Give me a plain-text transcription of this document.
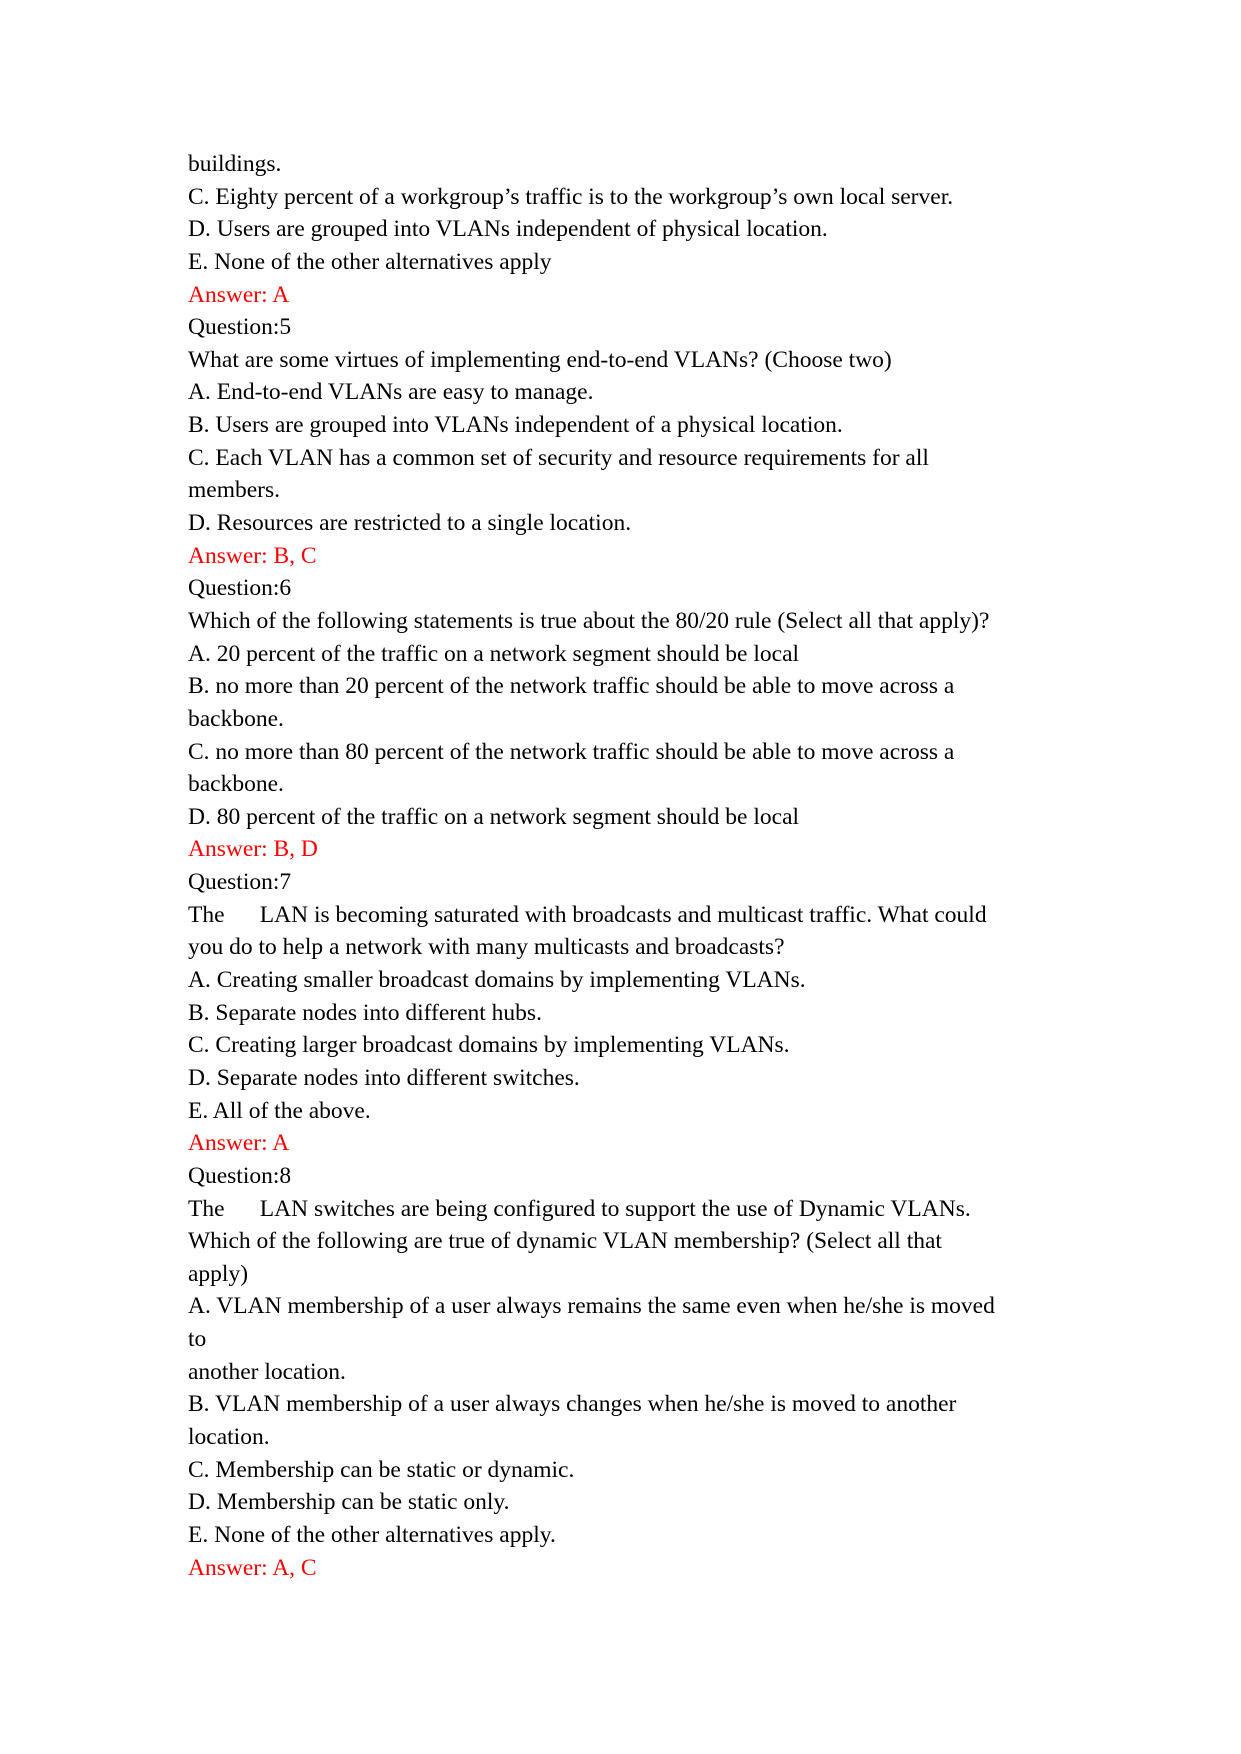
buildings.
C. Eighty percent of a workgroup’s traffic is to the workgroup’s own local server.
D. Users are grouped into VLANs independent of physical location.
E. None of the other alternatives apply
Answer: A
Question:5
What are some virtues of implementing end-to-end VLANs? (Choose two)
A. End-to-end VLANs are easy to manage.
B. Users are grouped into VLANs independent of a physical location.
C. Each VLAN has a common set of security and resource requirements for all
members.
D. Resources are restricted to a single location.
Answer: B, C
Question:6
Which of the following statements is true about the 80/20 rule (Select all that apply)?
A. 20 percent of the traffic on a network segment should be local
B. no more than 20 percent of the network traffic should be able to move across a
backbone.
C. no more than 80 percent of the network traffic should be able to move across a
backbone.
D. 80 percent of the traffic on a network segment should be local
Answer: B, D
Question:7
The      LAN is becoming saturated with broadcasts and multicast traffic. What could
you do to help a network with many multicasts and broadcasts?
A. Creating smaller broadcast domains by implementing VLANs.
B. Separate nodes into different hubs.
C. Creating larger broadcast domains by implementing VLANs.
D. Separate nodes into different switches.
E. All of the above.
Answer: A
Question:8
The      LAN switches are being configured to support the use of Dynamic VLANs.
Which of the following are true of dynamic VLAN membership? (Select all that
apply)
A. VLAN membership of a user always remains the same even when he/she is moved
to
another location.
B. VLAN membership of a user always changes when he/she is moved to another
location.
C. Membership can be static or dynamic.
D. Membership can be static only.
E. None of the other alternatives apply.
Answer: A, C
